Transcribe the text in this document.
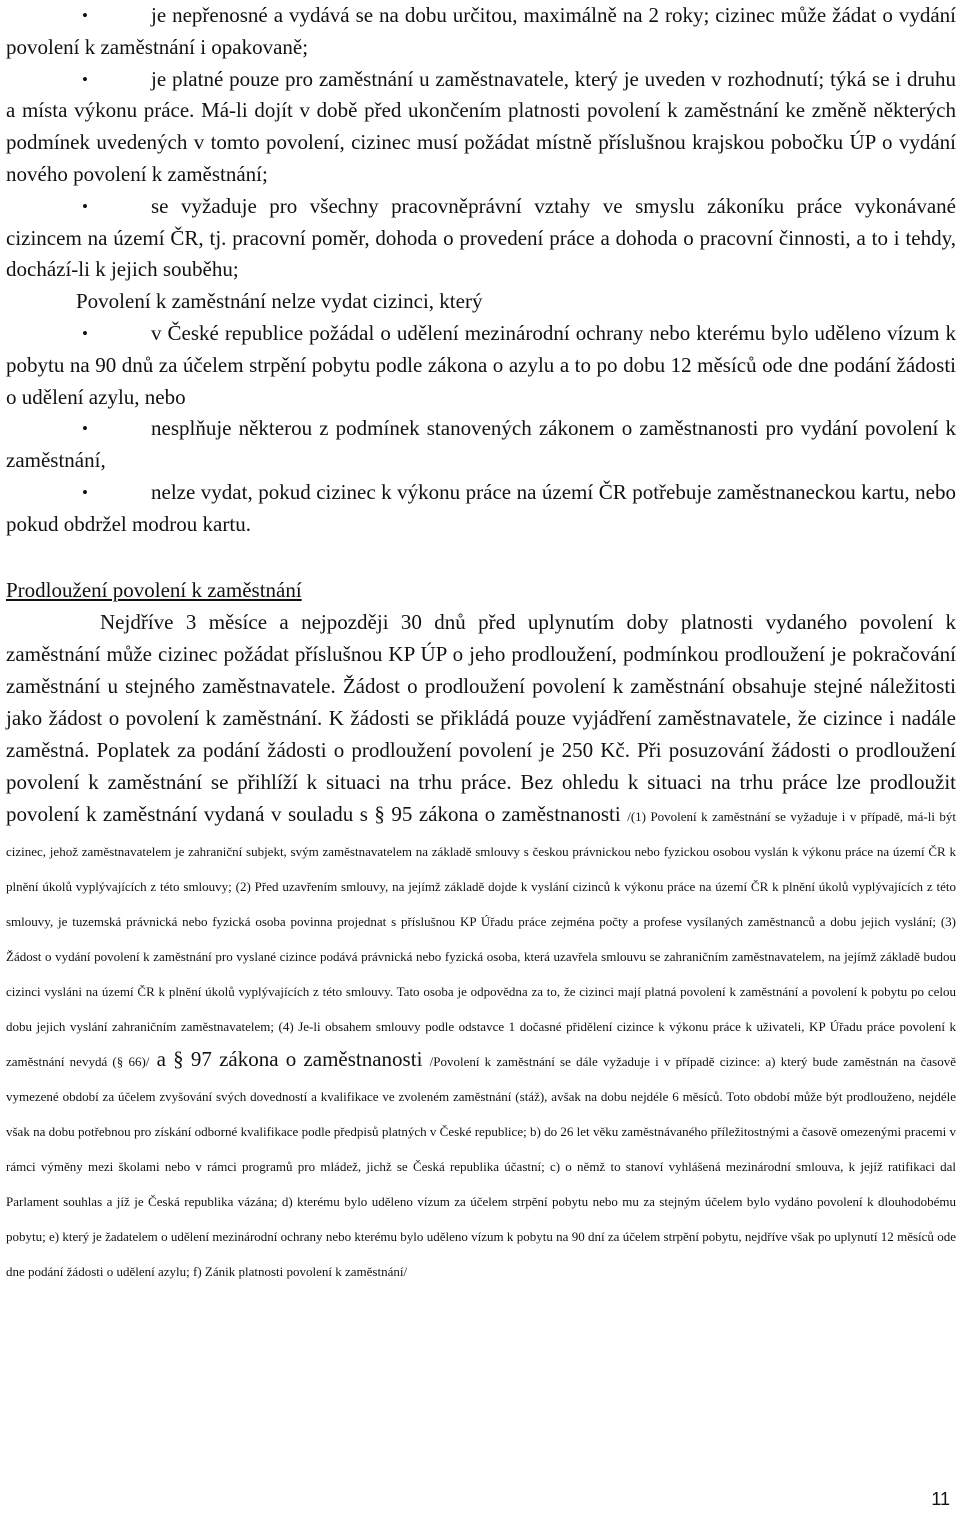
•	je nepřenosné a vydává se na dobu určitou, maximálně na 2 roky; cizinec může žádat o vydání povolení k zaměstnání i opakovaně;

•	je platné pouze pro zaměstnání u zaměstnavatele, který je uveden v rozhodnutí; týká se i druhu a místa výkonu práce. Má-li dojít v době před ukončením platnosti povolení k zaměstnání ke změně některých podmínek uvedených v tomto povolení, cizinec musí požádat místně příslušnou krajskou pobočku ÚP o vydání nového povolení k zaměstnání;

•	se vyžaduje pro všechny pracovněprávní vztahy ve smyslu zákoníku práce vykonávané cizincem na území ČR, tj. pracovní poměr, dohoda o provedení práce a dohoda o pracovní činnosti, a to i tehdy, dochází-li k jejich souběhu;

Povolení k zaměstnání nelze vydat cizinci, který

•	v České republice požádal o udělení mezinárodní ochrany nebo kterému bylo uděleno vízum k pobytu na 90 dnů za účelem strpění pobytu podle zákona o azylu a to po dobu 12 měsíců ode dne podání žádosti o udělení azylu, nebo

•	nesplňuje některou z podmínek stanovených zákonem o zaměstnanosti pro vydání povolení k zaměstnání,

•	nelze vydat, pokud cizinec k výkonu práce na území ČR potřebuje zaměstnaneckou kartu, nebo pokud obdržel modrou kartu.

Prodloužení povolení k zaměstnání

Nejdříve 3 měsíce a nejpozději 30 dnů před uplynutím doby platnosti vydaného povolení k zaměstnání může cizinec požádat příslušnou KP ÚP o jeho prodloužení, podmínkou prodloužení je pokračování zaměstnání u stejného zaměstnavatele. Žádost o prodloužení povolení k zaměstnání obsahuje stejné náležitosti jako žádost o povolení k zaměstnání. K žádosti se přikládá pouze vyjádření zaměstnavatele, že cizince i nadále zaměstná. Poplatek za podání žádosti o prodloužení povolení je 250 Kč. Při posuzování žádosti o prodloužení povolení k zaměstnání se přihlíží k situaci na trhu práce. Bez ohledu k situaci na trhu práce lze prodloužit povolení k zaměstnání vydaná v souladu s § 95 zákona o zaměstnanosti /(1) Povolení k zaměstnání se vyžaduje i v případě, má-li být cizinec, jehož zaměstnavatelem je zahraniční subjekt, svým zaměstnavatelem na základě smlouvy s českou právnickou nebo fyzickou osobou vyslán k výkonu práce na území ČR k plnění úkolů vyplývajících z této smlouvy; (2) Před uzavřením smlouvy, na jejímž základě dojde k vyslání cizinců k výkonu práce na území ČR k plnění úkolů vyplývajících z této smlouvy, je tuzemská právnická nebo fyzická osoba povinna projednat s příslušnou KP Úřadu práce zejména počty a profese vysílaných zaměstnanců a dobu jejich vyslání; (3) Žádost o vydání povolení k zaměstnání pro vyslané cizince podává právnická nebo fyzická osoba, která uzavřela smlouvu se zahraničním zaměstnavatelem, na jejímž základě budou cizinci vysláni na území ČR k plnění úkolů vyplývajících z této smlouvy. Tato osoba je odpovědna za to, že cizinci mají platná povolení k zaměstnání a povolení k pobytu po celou dobu jejich vyslání zahraničním zaměstnavatelem; (4) Je-li obsahem smlouvy podle odstavce 1 dočasné přidělení cizince k výkonu práce k uživateli, KP Úřadu práce povolení k zaměstnání nevydá (§ 66)/ a § 97 zákona o zaměstnanosti /Povolení k zaměstnání se dále vyžaduje i v případě cizince: a) který bude zaměstnán na časově vymezené období za účelem zvyšování svých dovedností a kvalifikace ve zvoleném zaměstnání (stáž), avšak na dobu nejdéle 6 měsíců. Toto období může být prodlouženo, nejdéle však na dobu potřebnou pro získání odborné kvalifikace podle předpisů platných v České republice; b) do 26 let věku zaměstnávaného příležitostnými a časově omezenými pracemi v rámci výměny mezi školami nebo v rámci programů pro mládež, jichž se Česká republika účastní; c) o němž to stanoví vyhlášená mezinárodní smlouva, k jejíž ratifikaci dal Parlament souhlas a jíž je Česká republika vázána; d) kterému bylo uděleno vízum za účelem strpění pobytu nebo mu za stejným účelem bylo vydáno povolení k dlouhodobému pobytu; e) který je žadatelem o udělení mezinárodní ochrany nebo kterému bylo uděleno vízum k pobytu na 90 dní za účelem strpění pobytu, nejdříve však po uplynutí 12 měsíců ode dne podání žádosti o udělení azylu; f) Zánik platnosti povolení k zaměstnání/
11
